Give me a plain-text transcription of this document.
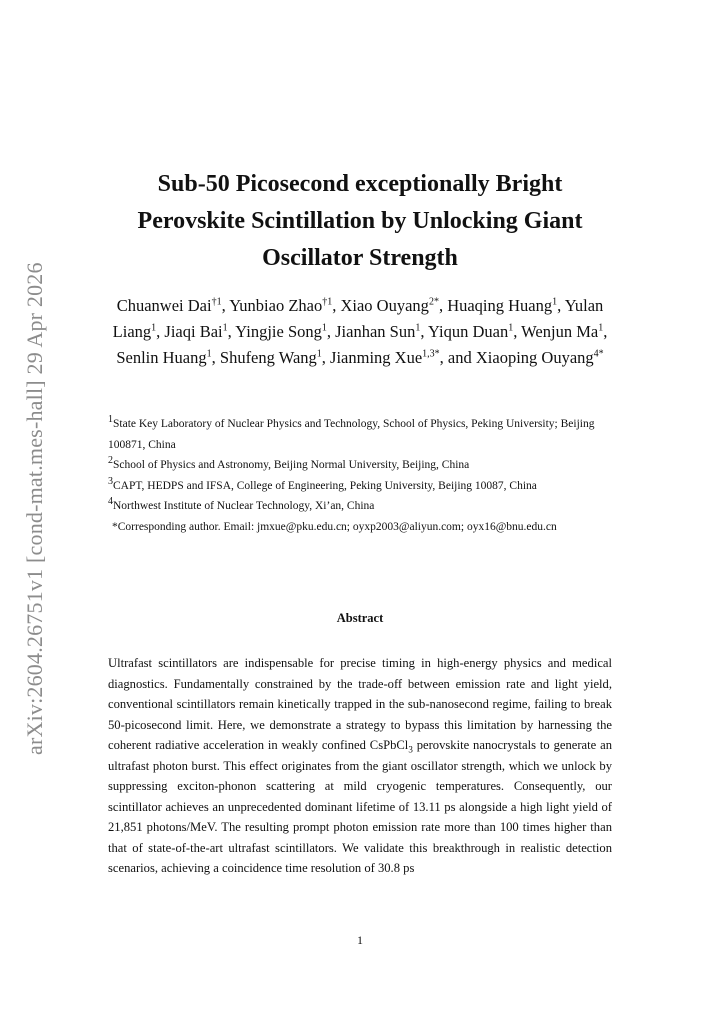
arXiv:2604.26751v1 [cond-mat.mes-hall] 29 Apr 2026
Sub-50 Picosecond exceptionally Bright Perovskite Scintillation by Unlocking Giant Oscillator Strength

Chuanwei Dai$^{\dagger 1}$, Yunbiao Zhao$^{\dagger 1}$, Xiao Ouyang$^{2*}$, Huaqing Huang$^1$, Yulan Liang$^1$, Jiaqi Bai$^1$, Yingjie Song$^1$, Jianhan Sun$^1$, Yiqun Duan$^1$, Wenjun Ma$^1$, Senlin Huang$^1$, Shufeng Wang$^1$, Jianming Xue$^{1,3*}$, and Xiaoping Ouyang$^{4*}$

$^1$State Key Laboratory of Nuclear Physics and Technology, School of Physics, Peking University; Beijing 100871, China

$^2$School of Physics and Astronomy, Beijing Normal University, Beijing, China

$^3$CAPT, HEDPS and IFSA, College of Engineering, Peking University, Beijing 10087, China

$^4$Northwest Institute of Nuclear Technology, Xi’an, China

*Corresponding author. Email: jmxue@pku.edu.cn; oyxp2003@aliyun.com; oyx16@bnu.edu.cn

Abstract

Ultrafast scintillators are indispensable for precise timing in high-energy physics and medical diagnostics. Fundamentally constrained by the trade-off between emission rate and light yield, conventional scintillators remain kinetically trapped in the sub-nanosecond regime, failing to break 50-picosecond limit. Here, we demonstrate a strategy to bypass this limitation by harnessing the coherent radiative acceleration in weakly confined CsPbCl$_3$ perovskite nanocrystals to generate an ultrafast photon burst. This effect originates from the giant oscillator strength, which we unlock by suppressing exciton-phonon scattering at mild cryogenic temperatures. Consequently, our scintillator achieves an unprecedented dominant lifetime of 13.11 ps alongside a high light yield of 21,851 photons/MeV. The resulting prompt photon emission rate more than 100 times higher than that of state-of-the-art ultrafast scintillators. We validate this breakthrough in realistic detection scenarios, achieving a coincidence time resolution of 30.8 ps

1
